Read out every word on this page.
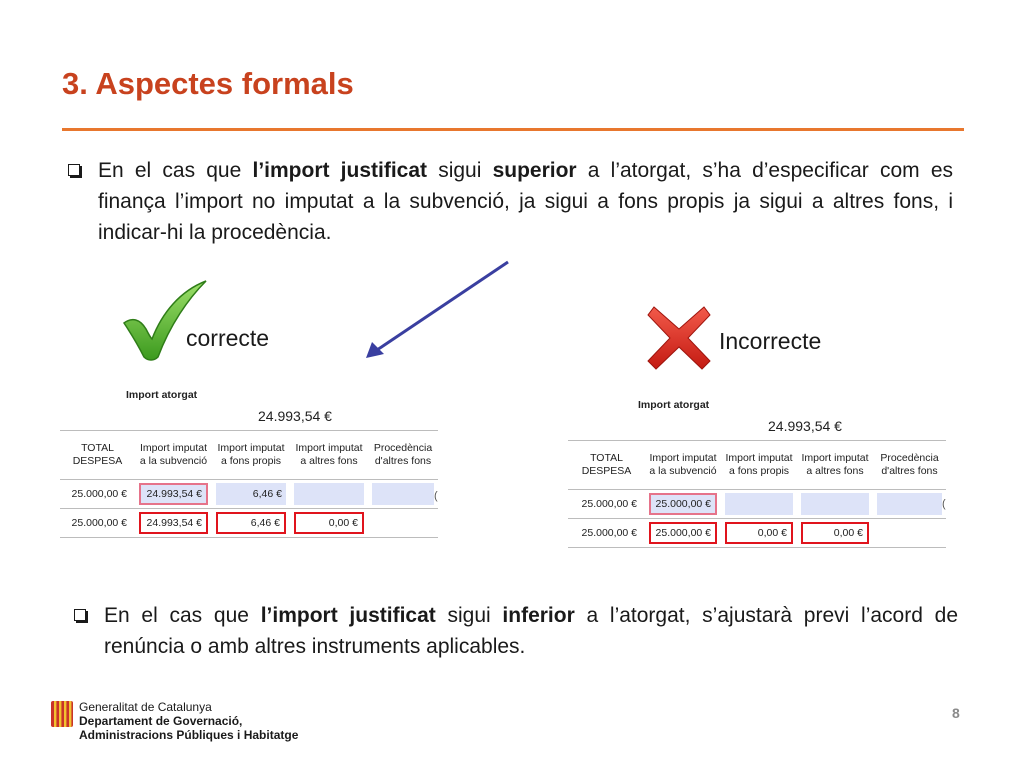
3. Aspectes formals
En el cas que l’import justificat sigui superior a l’atorgat, s’ha d’especificar com es finança l’import no imputat a la subvenció, ja sigui a fons propis ja sigui a altres fons, i indicar-hi la procedència.
correcte	Incorrecte
Import atorgat
24.993,54 €
TOTAL DESPESA	Import imputat a la subvenció	Import imputat a fons propis	Import imputat a altres fons	Procedència d'altres fons

25.000,00 €	24.993,54 €	6,46 €		

25.000,00 €	24.993,54 €	6,46 €	0,00 €	

(
Import atorgat
24.993,54 €
TOTAL DESPESA	Import imputat a la subvenció	Import imputat a fons propis	Import imputat a altres fons	Procedència d'altres fons

25.000,00 €	25.000,00 €			

25.000,00 €	25.000,00 €	0,00 €	0,00 €	

(
En el cas que l’import justificat sigui inferior a l’atorgat, s’ajustarà previ l’acord de renúncia o amb altres instruments aplicables.
Generalitat de Catalunya
Departament de Governació,
Administracions Públiques i Habitatge
8
